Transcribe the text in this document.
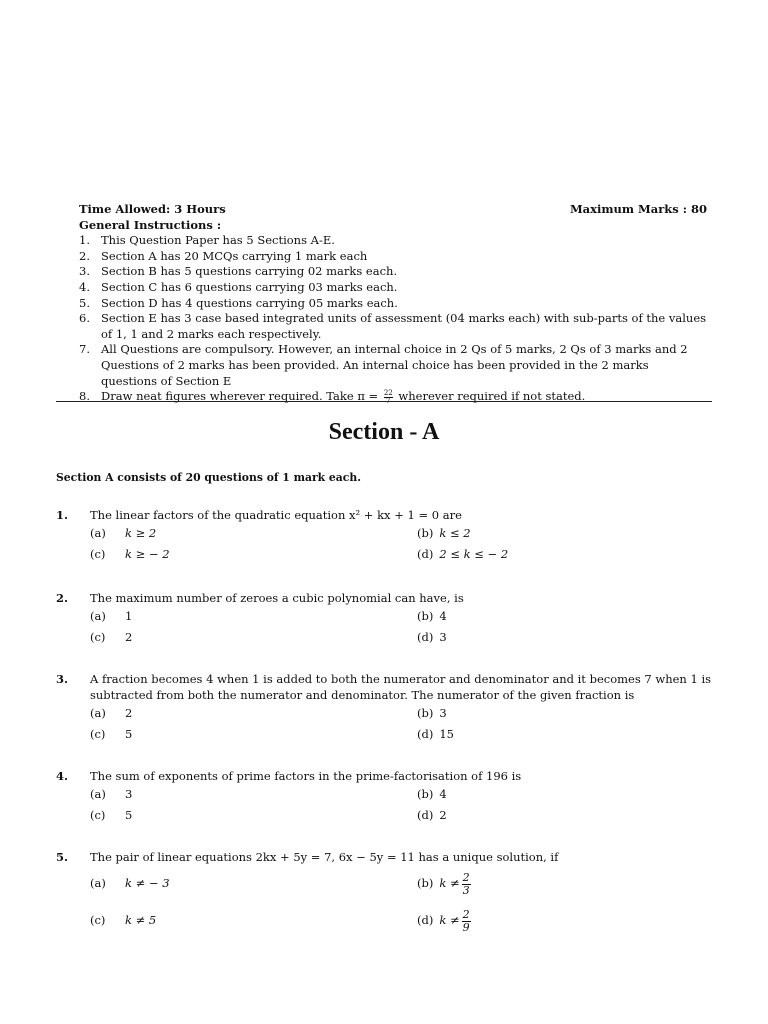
Time Allowed: 3 Hours	Maximum Marks : 80
General Instructions :
1. This Question Paper has 5 Sections A-E.
2. Section A has 20 MCQs carrying 1 mark each
3. Section B has 5 questions carrying 02 marks each.
4. Section C has 6 questions carrying 03 marks each.
5. Section D has 4 questions carrying 05 marks each.
6. Section E has 3 case based integrated units of assessment (04 marks each) with sub-parts of the values of 1, 1 and 2 marks each respectively.
7. All Questions are compulsory. However, an internal choice in 2 Qs of 5 marks, 2 Qs of 3 marks and 2 Questions of 2 marks has been provided. An internal choice has been provided in the 2 marks questions of Section E
8. Draw neat figures wherever required. Take $\pi = \frac{22}{7}$ wherever required if not stated.
Section - A
Section A consists of 20 questions of 1 mark each.
1.	The linear factors of the quadratic equation x² + kx + 1 = 0 are
(a)	k ≥ 2	(b) k ≤ 2
(c)	k ≥ − 2	(d) 2 ≤ k ≤ − 2
2.	The maximum number of zeroes a cubic polynomial can have, is
(a)	1	(b) 4
(c)	2	(d) 3
3.	A fraction becomes 4 when 1 is added to both the numerator and denominator and it becomes 7 when 1 is subtracted from both the numerator and denominator. The numerator of the given fraction is
(a)	2	(b) 3
(c)	5	(d) 15
4.	The sum of exponents of prime factors in the prime-factorisation of 196 is
(a)	3	(b) 4
(c)	5	(d) 2
5.	The pair of linear equations 2kx + 5y = 7, 6x − 5y = 11 has a unique solution, if
(a)	k ≠ − 3	(b) $k \ne \frac{2}{3}$
(c)	k ≠ 5	(d) $k \ne \frac{2}{9}$
